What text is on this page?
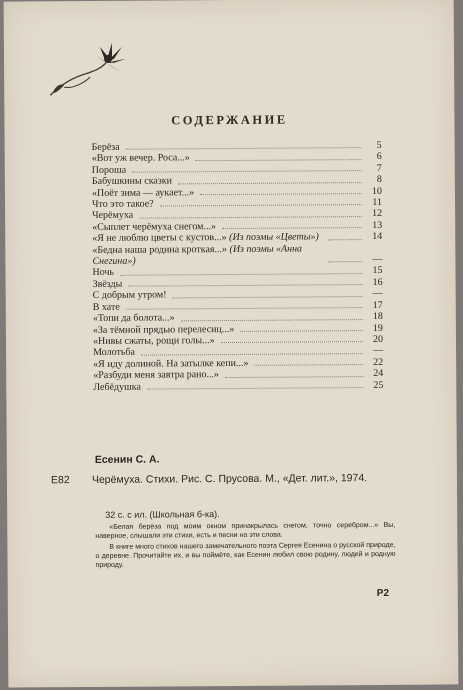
СОДЕРЖАНИЕ
Берёза	5
«Вот уж вечер. Роса...»	6
Пороша	7
Бабушкины сказки	8
«Поёт зима — аукает...»	10
Что это такое?	11
Черёмуха	12
«Сыплет черёмуха снегом...»	13
«Я не люблю цветы с кустов...» (Из поэмы «Цветы»)	14
«Бедна наша родина кроткая...» (Из поэмы «Анна Снегина»)	—
Ночь	15
Звёзды	16
С добрым утром!	—
В хате	17
«Топи да болота...»	18
«За тёмной прядью перелесиц...»	19
«Нивы сжаты, рощи голы...»	20
Молотьба	—
«Я иду долиной. На затылке кепи...»	22
«Разбуди меня завтра рано...»	24
Лебёдушка	25
Есенин С. А.
Е82 Черёмуха. Стихи. Рис. С. Прусова. М., «Дет. лит.», 1974.
32 с. с ил. (Школьная б-ка).

«Белая берёза под моим окном принакрылась снегом, точно серебром...» Вы, наверное, слышали эти стихи, есть и песни на эти слова.

В книге много стихов нашего замечательного поэта Сергея Есенина о русской природе, о деревне. Прочитайте их, и вы поймёте, как Есенин любил свою родину, людей и родную природу.

Р2
